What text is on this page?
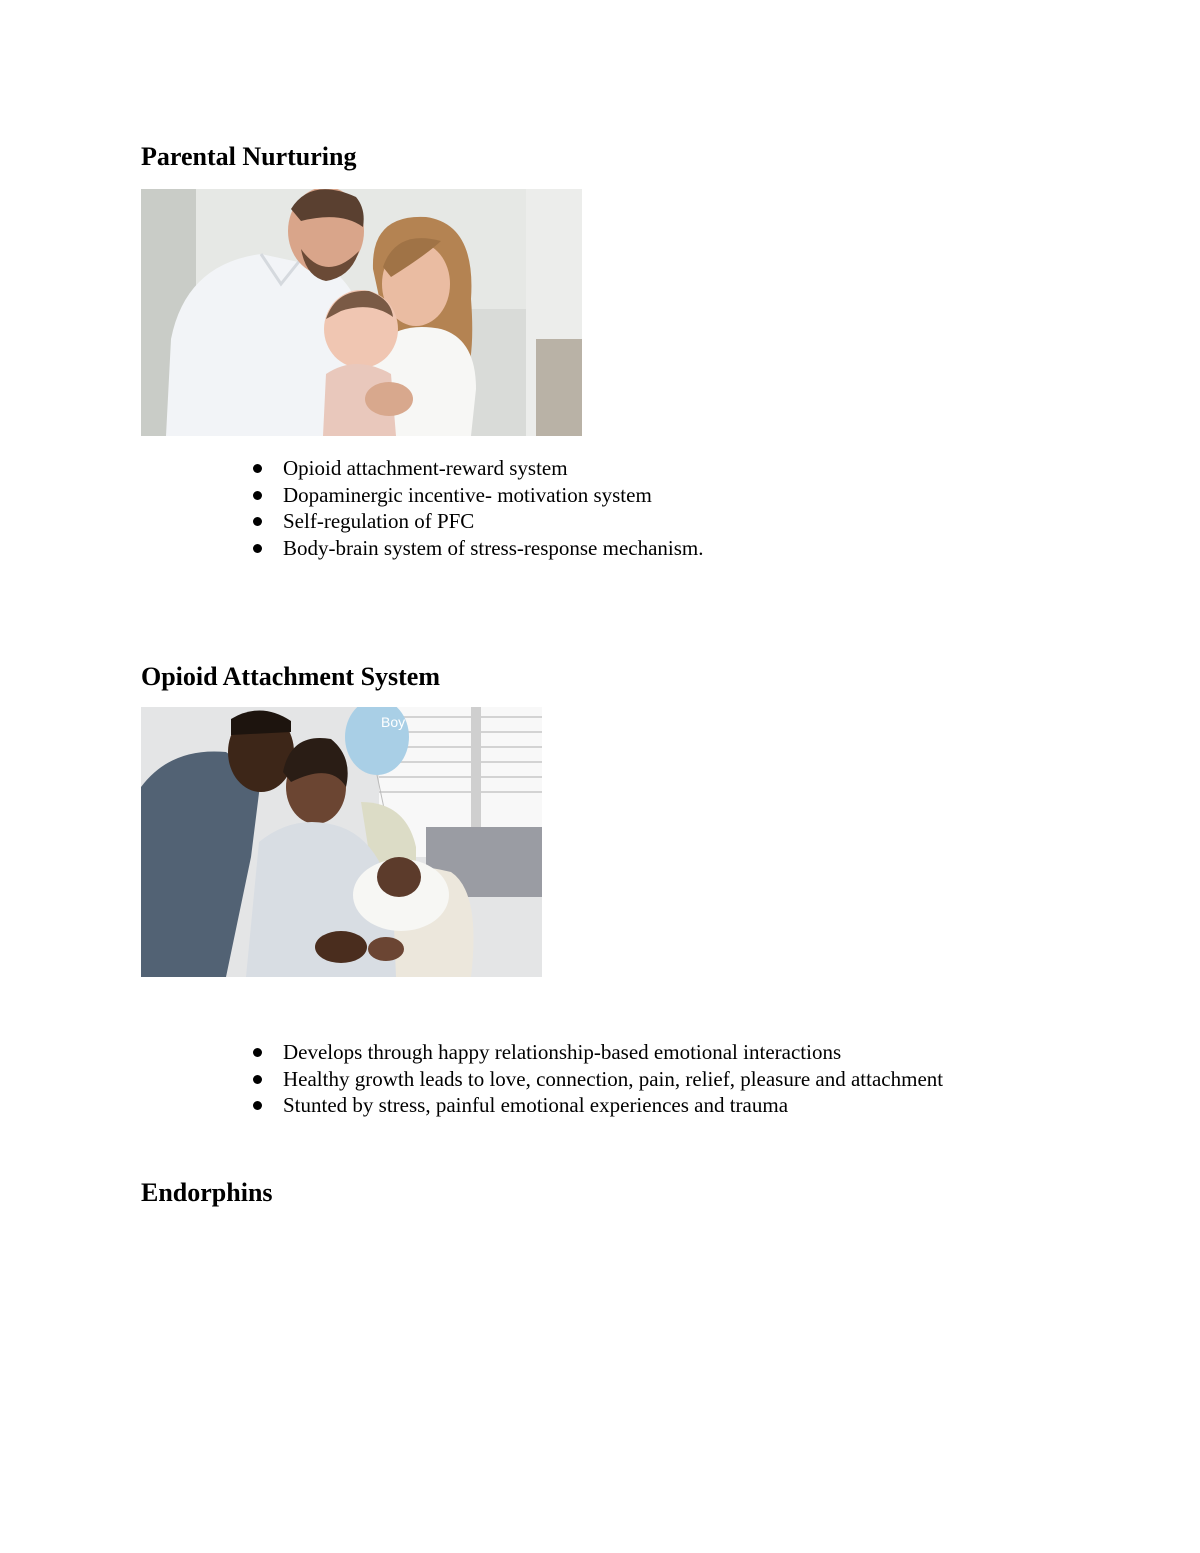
Parental Nurturing
Opioid attachment-reward system
Dopaminergic incentive- motivation system
Self-regulation of PFC
Body-brain system of stress-response mechanism.
Opioid Attachment System
Boy
Develops through happy relationship-based emotional interactions
Healthy growth leads to love, connection, pain, relief, pleasure and attachment
Stunted by stress, painful emotional experiences and trauma
Endorphins
